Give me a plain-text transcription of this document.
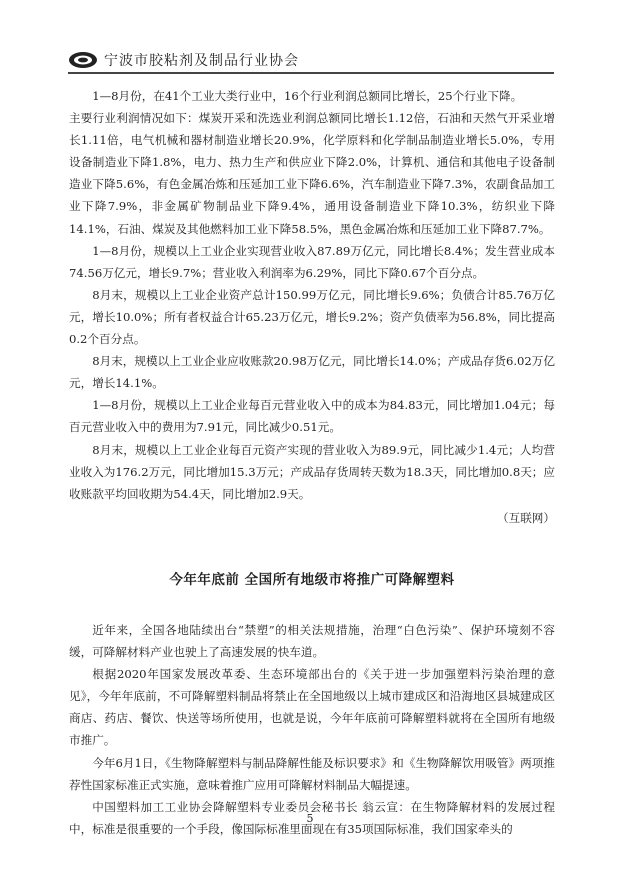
宁波市胶粘剂及制品行业协会

1—8月份，在41个工业大类行业中，16个行业利润总额同比增长，25个行业下降。

主要行业利润情况如下：煤炭开采和洗选业利润总额同比增长1.12倍，石油和天然气开采业增长1.11倍，电气机械和器材制造业增长20.9%，化学原料和化学制品制造业增长5.0%，专用设备制造业下降1.8%，电力、热力生产和供应业下降2.0%，计算机、通信和其他电子设备制造业下降5.6%，有色金属冶炼和压延加工业下降6.6%，汽车制造业下降7.3%，农副食品加工业下降7.9%，非金属矿物制品业下降9.4%，通用设备制造业下降10.3%，纺织业下降14.1%，石油、煤炭及其他燃料加工业下降58.5%，黑色金属冶炼和压延加工业下降87.7%。

1—8月份，规模以上工业企业实现营业收入87.89万亿元，同比增长8.4%；发生营业成本74.56万亿元，增长9.7%；营业收入利润率为6.29%，同比下降0.67个百分点。

8月末，规模以上工业企业资产总计150.99万亿元，同比增长9.6%；负债合计85.76万亿元，增长10.0%；所有者权益合计65.23万亿元，增长9.2%；资产负债率为56.8%，同比提高0.2个百分点。

8月末，规模以上工业企业应收账款20.98万亿元，同比增长14.0%；产成品存货6.02万亿元，增长14.1%。

1—8月份，规模以上工业企业每百元营业收入中的成本为84.83元，同比增加1.04元；每百元营业收入中的费用为7.91元，同比减少0.51元。

8月末，规模以上工业企业每百元资产实现的营业收入为89.9元，同比减少1.4元；人均营业收入为176.2万元，同比增加15.3万元；产成品存货周转天数为18.3天，同比增加0.8天；应收账款平均回收期为54.4天，同比增加2.9天。

（互联网）
今年年底前 全国所有地级市将推广可降解塑料

近年来，全国各地陆续出台“禁塑”的相关法规措施，治理“白色污染”、保护环境刻不容缓，可降解材料产业也驶上了高速发展的快车道。

根据2020年国家发展改革委、生态环境部出台的《关于进一步加强塑料污染治理的意见》，今年年底前，不可降解塑料制品将禁止在全国地级以上城市建成区和沿海地区县城建成区商店、药店、餐饮、快送等场所使用，也就是说，今年年底前可降解塑料就将在全国所有地级市推广。

今年6月1日，《生物降解塑料与制品降解性能及标识要求》和《生物降解饮用吸管》两项推荐性国家标准正式实施，意味着推广应用可降解材料制品大幅提速。

中国塑料加工工业协会降解塑料专业委员会秘书长 翁云宣：在生物降解材料的发展过程中，标准是很重要的一个手段，像国际标准里面现在有35项国际标准，我们国家牵头的

5
